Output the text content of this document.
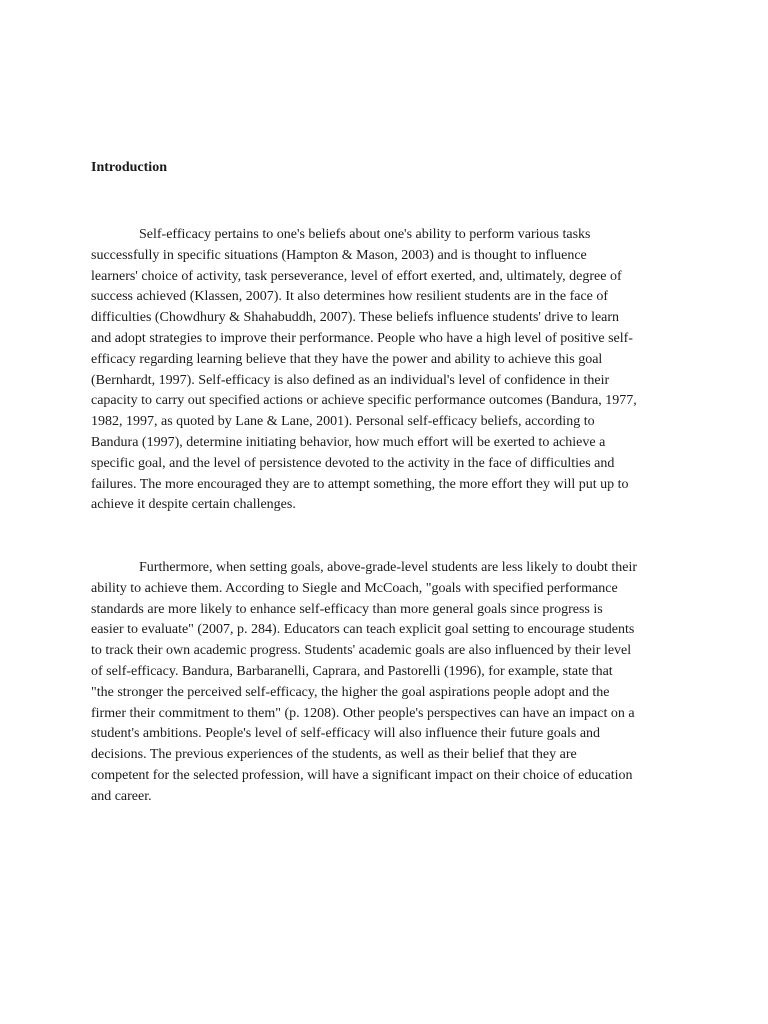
Introduction
Self-efficacy pertains to one's beliefs about one's ability to perform various tasks
successfully in specific situations (Hampton & Mason, 2003) and is thought to influence
learners' choice of activity, task perseverance, level of effort exerted, and, ultimately, degree of
success achieved (Klassen, 2007). It also determines how resilient students are in the face of
difficulties (Chowdhury & Shahabuddh, 2007). These beliefs influence students' drive to learn
and adopt strategies to improve their performance. People who have a high level of positive self-
efficacy regarding learning believe that they have the power and ability to achieve this goal
(Bernhardt, 1997). Self-efficacy is also defined as an individual's level of confidence in their
capacity to carry out specified actions or achieve specific performance outcomes (Bandura, 1977,
1982, 1997, as quoted by Lane & Lane, 2001). Personal self-efficacy beliefs, according to
Bandura (1997), determine initiating behavior, how much effort will be exerted to achieve a
specific goal, and the level of persistence devoted to the activity in the face of difficulties and
failures. The more encouraged they are to attempt something, the more effort they will put up to
achieve it despite certain challenges.
Furthermore, when setting goals, above-grade-level students are less likely to doubt their
ability to achieve them. According to Siegle and McCoach, "goals with specified performance
standards are more likely to enhance self-efficacy than more general goals since progress is
easier to evaluate" (2007, p. 284). Educators can teach explicit goal setting to encourage students
to track their own academic progress. Students' academic goals are also influenced by their level
of self-efficacy. Bandura, Barbaranelli, Caprara, and Pastorelli (1996), for example, state that
"the stronger the perceived self-efficacy, the higher the goal aspirations people adopt and the
firmer their commitment to them" (p. 1208). Other people's perspectives can have an impact on a
student's ambitions. People's level of self-efficacy will also influence their future goals and
decisions. The previous experiences of the students, as well as their belief that they are
competent for the selected profession, will have a significant impact on their choice of education
and career.
